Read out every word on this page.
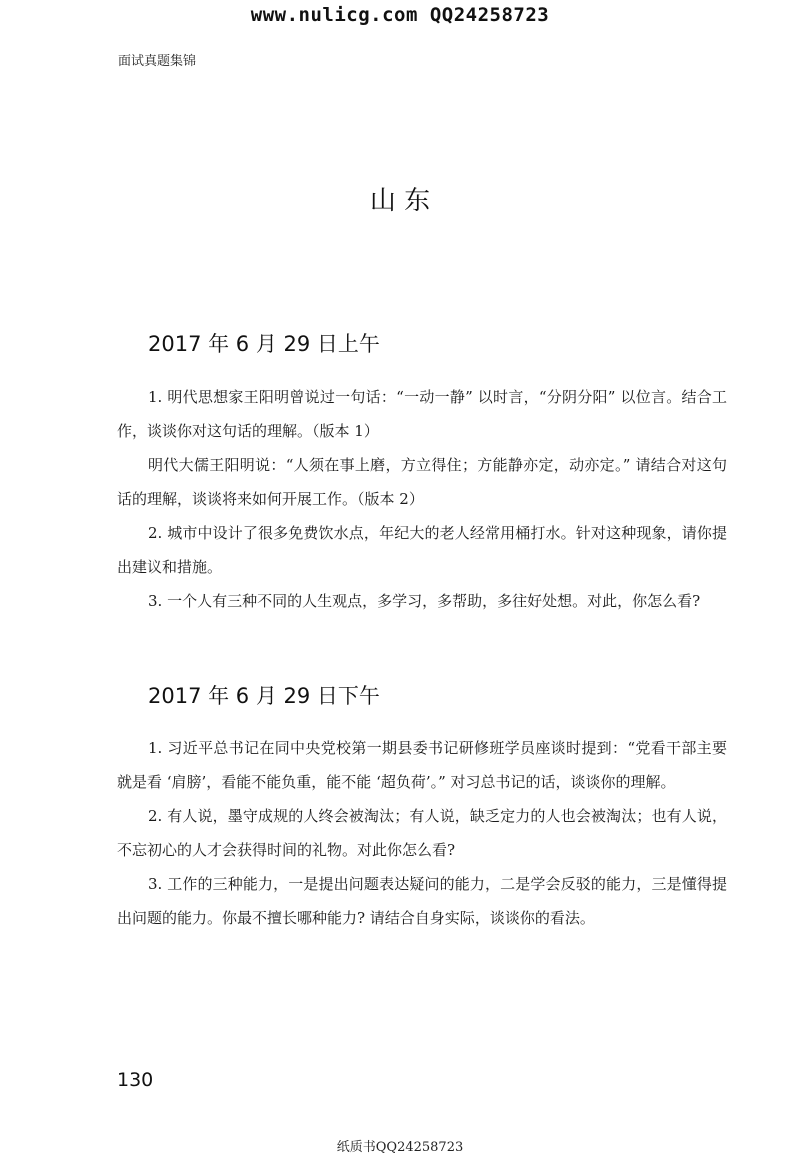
www.nulicg.com QQ24258723
面试真题集锦
山 东
2017 年 6 月 29 日上午

1. 明代思想家王阳明曾说过一句话：“一动一静” 以时言，“分阴分阳” 以位言。结合工作，谈谈你对这句话的理解。（版本 1）

明代大儒王阳明说：“人须在事上磨，方立得住；方能静亦定，动亦定。” 请结合对这句话的理解，谈谈将来如何开展工作。（版本 2）

2. 城市中设计了很多免费饮水点，年纪大的老人经常用桶打水。针对这种现象，请你提出建议和措施。

3. 一个人有三种不同的人生观点，多学习，多帮助，多往好处想。对此，你怎么看?

2017 年 6 月 29 日下午

1. 习近平总书记在同中央党校第一期县委书记研修班学员座谈时提到：“党看干部主要就是看 ‘肩膀’，看能不能负重，能不能 ‘超负荷’。” 对习总书记的话，谈谈你的理解。

2. 有人说，墨守成规的人终会被淘汰；有人说，缺乏定力的人也会被淘汰；也有人说，不忘初心的人才会获得时间的礼物。对此你怎么看?

3. 工作的三种能力，一是提出问题表达疑问的能力，二是学会反驳的能力，三是懂得提出问题的能力。你最不擅长哪种能力? 请结合自身实际，谈谈你的看法。

130
纸质书QQ24258723
